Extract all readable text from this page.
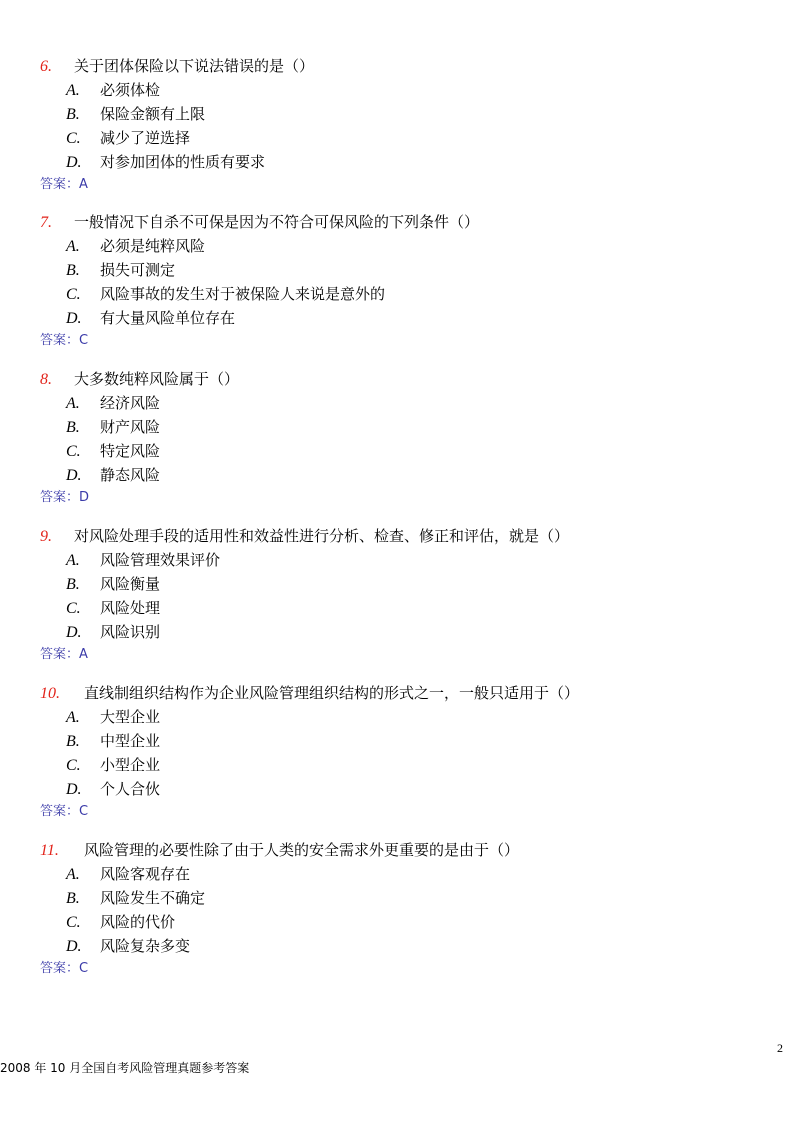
6. 关于团体保险以下说法错误的是（）
A. 必须体检
B. 保险金额有上限
C. 减少了逆选择
D. 对参加团体的性质有要求
答案：A
7. 一般情况下自杀不可保是因为不符合可保风险的下列条件（）
A. 必须是纯粹风险
B. 损失可测定
C. 风险事故的发生对于被保险人来说是意外的
D. 有大量风险单位存在
答案：C
8. 大多数纯粹风险属于（）
A. 经济风险
B. 财产风险
C. 特定风险
D. 静态风险
答案：D
9. 对风险处理手段的适用性和效益性进行分析、检查、修正和评估，就是（）
A. 风险管理效果评价
B. 风险衡量
C. 风险处理
D. 风险识别
答案：A
10. 直线制组织结构作为企业风险管理组织结构的形式之一，一般只适用于（）
A. 大型企业
B. 中型企业
C. 小型企业
D. 个人合伙
答案：C
11. 风险管理的必要性除了由于人类的安全需求外更重要的是由于（）
A. 风险客观存在
B. 风险发生不确定
C. 风险的代价
D. 风险复杂多变
答案：C
2
2008 年 10 月全国自考风险管理真题参考答案
